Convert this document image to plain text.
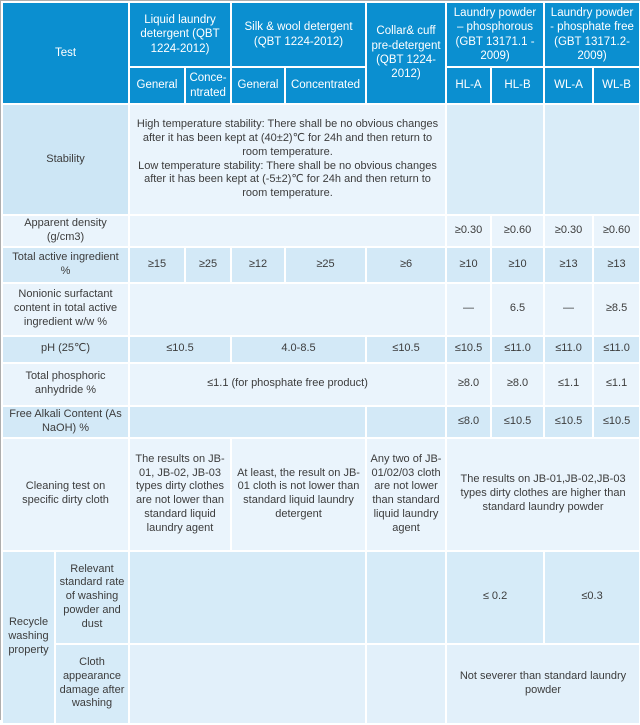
Test		Liquid laundry detergent (QBT 1224-2012)		Silk & wool detergent (QBT 1224-2012)		Collar& cuff pre-detergent (QBT 1224-2012)	Laundry powder – phosphorous (GBT 13171.1 - 2009)		Laundry powder - phosphate free (GBT 13171.2- 2009)	
		General	Conce-ntrated	General	Concentrated		HL-A	HL-B	WL-A	WL-B
Stability		High temperature stability: There shall be no obvious changes after it has been kept at (40±2)℃ for 24h and then return to room temperature.

Low temperature stability: There shall be no obvious changes after it has been kept at (-5±2)℃ for 24h and then return to room temperature.								

Apparent density (g/cm3)							≥0.30	≥0.60	≥0.30	≥0.60
Total active ingredient %		≥15	≥25	≥12	≥25	≥6	≥10	≥10	≥13	≥13
Nonionic surfactant content in total active ingredient w/w %							—	6.5	—	≥8.5
pH (25℃)		≤10.5		4.0-8.5		≤10.5	≤10.5	≤11.0	≤11.0	≤11.0
Total phosphoric anhydride %		≤1.1 (for phosphate free product)					≥8.0	≥8.0	≤1.1	≤1.1
Free Alkali Content (As NaOH) %							≤8.0	≤10.5	≤10.5	≤10.5
Cleaning test on specific dirty cloth		The results on JB-01, JB-02, JB-03 types dirty clothes are not lower than standard liquid laundry agent		At least, the result on JB-01 cloth is not lower than standard liquid laundry detergent		Any two of JB-01/02/03 cloth are not lower than standard liquid laundry agent	The results on JB-01,JB-02,JB-03 types dirty clothes are higher than standard laundry powder			
Recycle washing property	Relevant standard rate of washing powder and dust						≤ 0.2		≤0.3	
	Cloth appearance damage after washing						Not severer than standard laundry powder			
